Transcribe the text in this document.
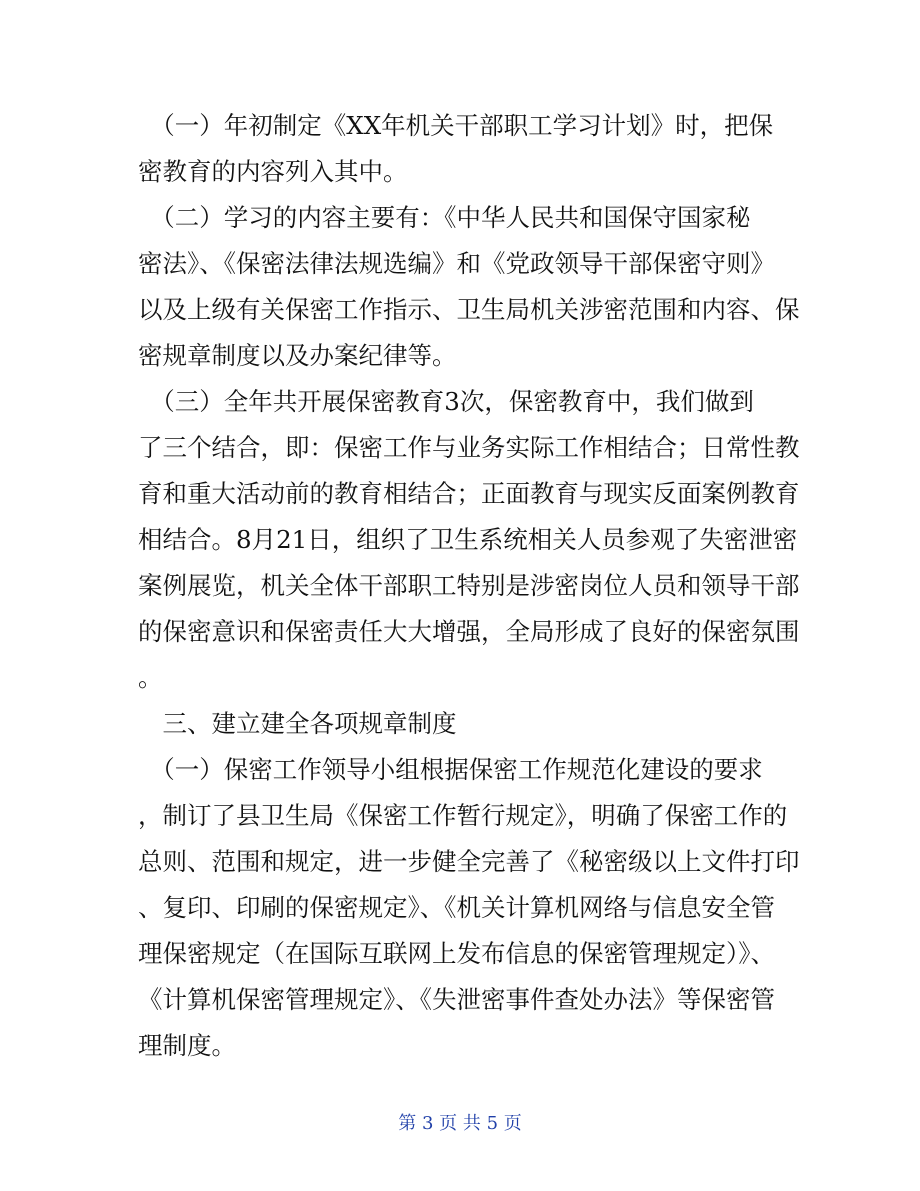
　（一）年初制定《XX年机关干部职工学习计划》时，把保
密教育的内容列入其中。
　（二）学习的内容主要有：《中华人民共和国保守国家秘
密法》、《保密法律法规选编》和《党政领导干部保密守则》
以及上级有关保密工作指示、卫生局机关涉密范围和内容、保
密规章制度以及办案纪律等。
　（三）全年共开展保密教育3次，保密教育中，我们做到
了三个结合，即：保密工作与业务实际工作相结合；日常性教
育和重大活动前的教育相结合；正面教育与现实反面案例教育
相结合。8月21日，组织了卫生系统相关人员参观了失密泄密
案例展览，机关全体干部职工特别是涉密岗位人员和领导干部
的保密意识和保密责任大大增强，全局形成了良好的保密氛围
。
　三、建立建全各项规章制度
　（一）保密工作领导小组根据保密工作规范化建设的要求
，制订了县卫生局《保密工作暂行规定》，明确了保密工作的
总则、范围和规定，进一步健全完善了《秘密级以上文件打印
、复印、印刷的保密规定》、《机关计算机网络与信息安全管
理保密规定（在国际互联网上发布信息的保密管理规定）》、
《计算机保密管理规定》、《失泄密事件查处办法》等保密管
理制度。
第 3 页 共 5 页
